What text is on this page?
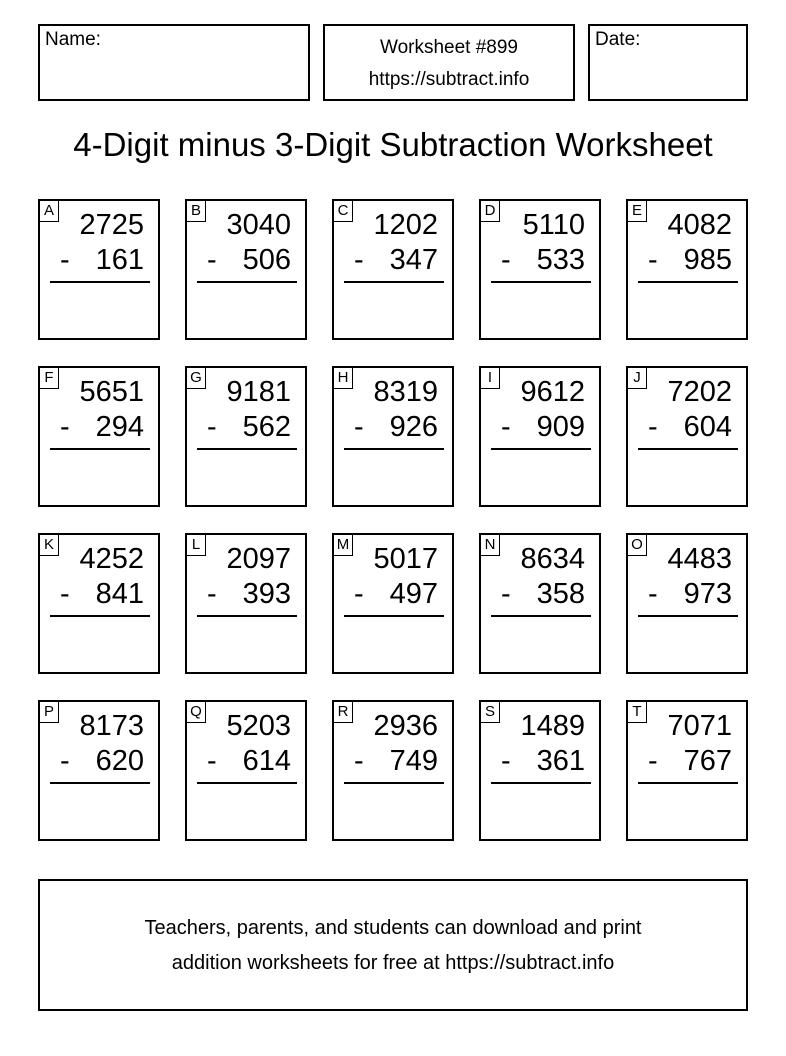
Name:	Worksheet #899
https://subtract.info
Date:
4-Digit minus 3-Digit Subtraction Worksheet
A 2725
- 161
B 3040
- 506
C 1202
- 347
D 5110
- 533
E 4082
- 985
F 5651
- 294
G 9181
- 562
H 8319
- 926
I 9612
- 909
J 7202
- 604
K 4252
- 841
L 2097
- 393
M 5017
- 497
N 8634
- 358
O 4483
- 973
P 8173
- 620
Q 5203
- 614
R 2936
- 749
S 1489
- 361
T 7071
- 767
Teachers, parents, and students can download and print
addition worksheets for free at https://subtract.info
